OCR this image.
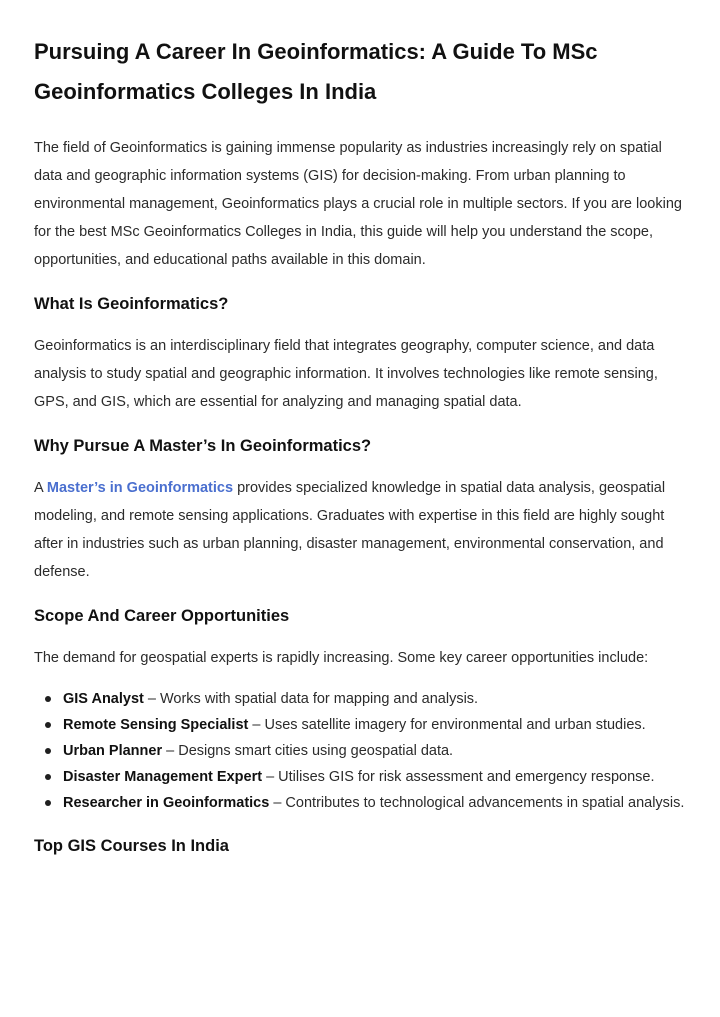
Pursuing A Career In Geoinformatics: A Guide To MSc Geoinformatics Colleges In India

The field of Geoinformatics is gaining immense popularity as industries increasingly rely on spatial data and geographic information systems (GIS) for decision-making. From urban planning to environmental management, Geoinformatics plays a crucial role in multiple sectors. If you are looking for the best MSc Geoinformatics Colleges in India, this guide will help you understand the scope, opportunities, and educational paths available in this domain.

What Is Geoinformatics?

Geoinformatics is an interdisciplinary field that integrates geography, computer science, and data analysis to study spatial and geographic information. It involves technologies like remote sensing, GPS, and GIS, which are essential for analyzing and managing spatial data.

Why Pursue A Master’s In Geoinformatics?

A Master’s in Geoinformatics provides specialized knowledge in spatial data analysis, geospatial modeling, and remote sensing applications. Graduates with expertise in this field are highly sought after in industries such as urban planning, disaster management, environmental conservation, and defense.

Scope And Career Opportunities

The demand for geospatial experts is rapidly increasing. Some key career opportunities include:

GIS Analyst – Works with spatial data for mapping and analysis.
Remote Sensing Specialist – Uses satellite imagery for environmental and urban studies.
Urban Planner – Designs smart cities using geospatial data.
Disaster Management Expert – Utilises GIS for risk assessment and emergency response.
Researcher in Geoinformatics – Contributes to technological advancements in spatial analysis.
Top GIS Courses In India
